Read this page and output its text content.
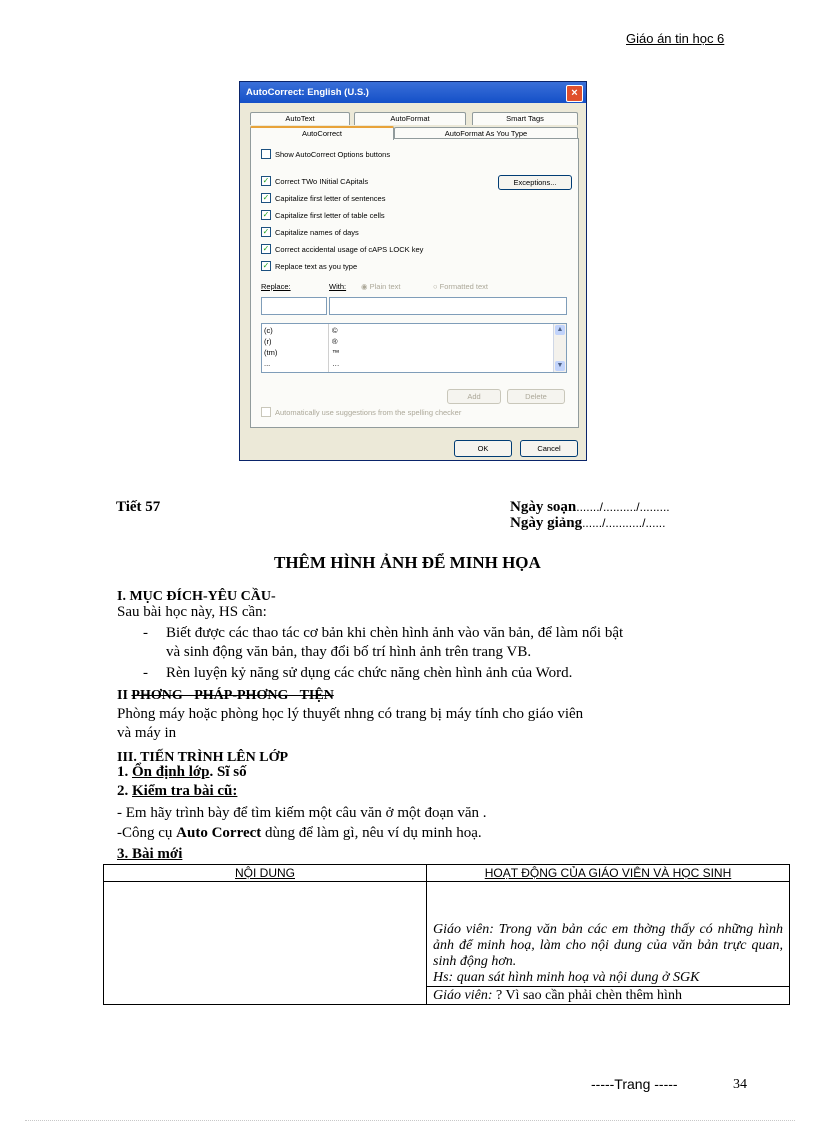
Giáo án tin học 6
AutoCorrect: English (U.S.)	×
AutoText	AutoFormat	Smart Tags
AutoCorrect	AutoFormat As You Type
Show AutoCorrect Options buttons
✓ Correct TWo INitial CApitals	Exceptions...
✓ Capitalize first letter of sentences
✓ Capitalize first letter of table cells
✓ Capitalize names of days
✓ Correct accidental usage of cAPS LOCK key
✓ Replace text as you type
Replace:	With: ◉ Plain text	○ Formatted text
(c)	©
(r)	®
(tm)	™
...	…
▲
▼
Add	Delete
Automatically use suggestions from the spelling checker
OK	Cancel
Tiết 57	Ngày soạn......./........../.........
Ngày giảng....../.........../......
THÊM HÌNH ẢNH ĐỂ MINH HỌA
I. MỤC ĐÍCH-YÊU CẦU-
Sau bài học này, HS cần:
- Biết được các thao tác cơ bản khi chèn hình ảnh vào văn bản, để làm nổi bật
và sinh động văn bản, thay đổi bố trí hình ảnh trên trang VB.
- Rèn luyện kỷ năng sử dụng các chức năng chèn hình ảnh của Word.
II PHƠNG PHÁP-PHƠNG TIỆN
Phòng máy hoặc phòng học lý thuyết nhng có trang bị máy tính cho giáo viên
và máy in
III. TIẾN TRÌNH LÊN LỚP
1. Ổn định lớp. Sĩ số
2. Kiểm tra bài cũ:
- Em hãy trình bày để tìm kiếm một câu văn ở một đoạn văn .
-Công cụ Auto Correct dùng để làm gì, nêu ví dụ minh hoạ.
3. Bài mới
NỘI DUNG	HOẠT ĐỘNG CỦA GIÁO VIÊN VÀ HỌC SINH

	Giáo viên: Trong văn bản các em thờng thấy có những hình ảnh để minh hoạ, làm cho nội dung của văn bản trực quan, sinh động hơn.
Hs: quan sát hình minh hoạ và nội dung ở SGK

	Giáo viên: ? Vì sao cần phải chèn thêm hình
-----Trang -----	34
